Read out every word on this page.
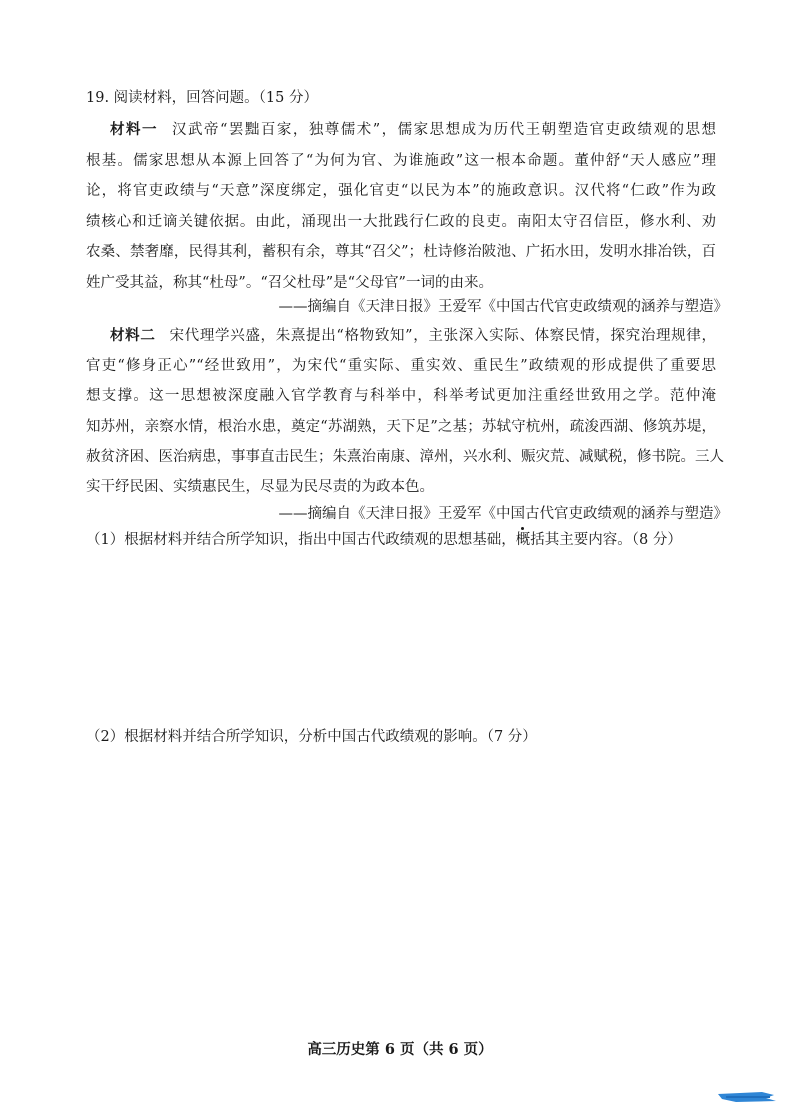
19. 阅读材料，回答问题。（15 分）
材料一 汉武帝“罢黜百家，独尊儒术”，儒家思想成为历代王朝塑造官吏政绩观的思想
根基。儒家思想从本源上回答了“为何为官、为谁施政”这一根本命题。董仲舒“天人感应”理
论，将官吏政绩与“天意”深度绑定，强化官吏“以民为本”的施政意识。汉代将“仁政”作为政
绩核心和迁谪关键依据。由此，涌现出一大批践行仁政的良吏。南阳太守召信臣，修水利、劝
农桑、禁奢靡，民得其利，蓄积有余，尊其“召父”；杜诗修治陂池、广拓水田，发明水排冶铁，百
姓广受其益，称其“杜母”。“召父杜母”是“父母官”一词的由来。
——摘编自《天津日报》王爱军《中国古代官吏政绩观的涵养与塑造》
材料二 宋代理学兴盛，朱熹提出“格物致知”，主张深入实际、体察民情，探究治理规律，
官吏“修身正心”“经世致用”，为宋代“重实际、重实效、重民生”政绩观的形成提供了重要思
想支撑。这一思想被深度融入官学教育与科举中，科举考试更加注重经世致用之学。范仲淹
知苏州，亲察水情，根治水患，奠定“苏湖熟，天下足”之基；苏轼守杭州，疏浚西湖、修筑苏堤，
赦贫济困、医治病患，事事直击民生；朱熹治南康、漳州，兴水利、赈灾荒、减赋税，修书院。三人
实干纾民困、实绩惠民生，尽显为民尽责的为政本色。
——摘编自《天津日报》王爱军《中国古代官吏政绩观的涵养与塑造》
（1）根据材料并结合所学知识，指出中国古代政绩观的思想基础，概括其主要内容。（8 分）
（2）根据材料并结合所学知识，分析中国古代政绩观的影响。（7 分）
高三历史第 6 页（共 6 页）
